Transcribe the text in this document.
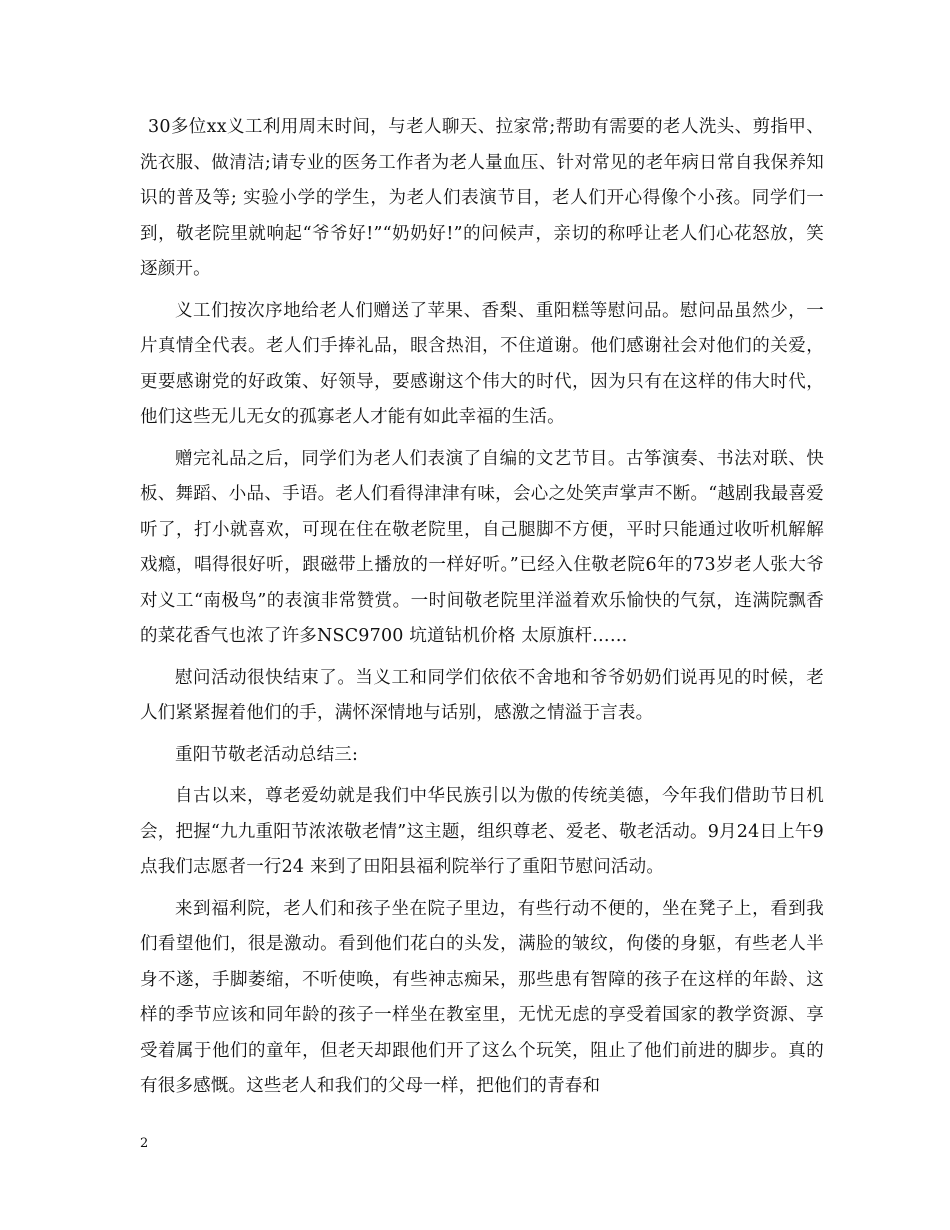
30多位xx义工利用周末时间，与老人聊天、拉家常;帮助有需要的老人洗头、剪指甲、洗衣服、做清洁;请专业的医务工作者为老人量血压、针对常见的老年病日常自我保养知识的普及等; 实验小学的学生，为老人们表演节目，老人们开心得像个小孩。同学们一到，敬老院里就响起“爷爷好!”“奶奶好!”的问候声，亲切的称呼让老人们心花怒放，笑逐颜开。

义工们按次序地给老人们赠送了苹果、香梨、重阳糕等慰问品。慰问品虽然少，一片真情全代表。老人们手捧礼品，眼含热泪，不住道谢。他们感谢社会对他们的关爱，更要感谢党的好政策、好领导，要感谢这个伟大的时代，因为只有在这样的伟大时代，他们这些无儿无女的孤寡老人才能有如此幸福的生活。

赠完礼品之后，同学们为老人们表演了自编的文艺节目。古筝演奏、书法对联、快板、舞蹈、小品、手语。老人们看得津津有味，会心之处笑声掌声不断。“越剧我最喜爱听了，打小就喜欢，可现在住在敬老院里，自己腿脚不方便，平时只能通过收听机解解戏瘾，唱得很好听，跟磁带上播放的一样好听。”已经入住敬老院6年的73岁老人张大爷对义工“南极鸟”的表演非常赞赏。一时间敬老院里洋溢着欢乐愉快的气氛，连满院飘香的菜花香气也浓了许多NSC9700 坑道钻机价格 太原旗杆……

慰问活动很快结束了。当义工和同学们依依不舍地和爷爷奶奶们说再见的时候，老人们紧紧握着他们的手，满怀深情地与话别，感激之情溢于言表。

重阳节敬老活动总结三:

自古以来，尊老爱幼就是我们中华民族引以为傲的传统美德，今年我们借助节日机会，把握“九九重阳节浓浓敬老情”这主题，组织尊老、爱老、敬老活动。9月24日上午9点我们志愿者一行24 来到了田阳县福利院举行了重阳节慰问活动。

来到福利院，老人们和孩子坐在院子里边，有些行动不便的，坐在凳子上，看到我们看望他们，很是激动。看到他们花白的头发，满脸的皱纹，佝偻的身躯，有些老人半身不遂，手脚萎缩，不听使唤，有些神志痴呆，那些患有智障的孩子在这样的年龄、这样的季节应该和同年龄的孩子一样坐在教室里，无忧无虑的享受着国家的教学资源、享受着属于他们的童年，但老天却跟他们开了这么个玩笑，阻止了他们前进的脚步。真的有很多感慨。这些老人和我们的父母一样，把他们的青春和

2
